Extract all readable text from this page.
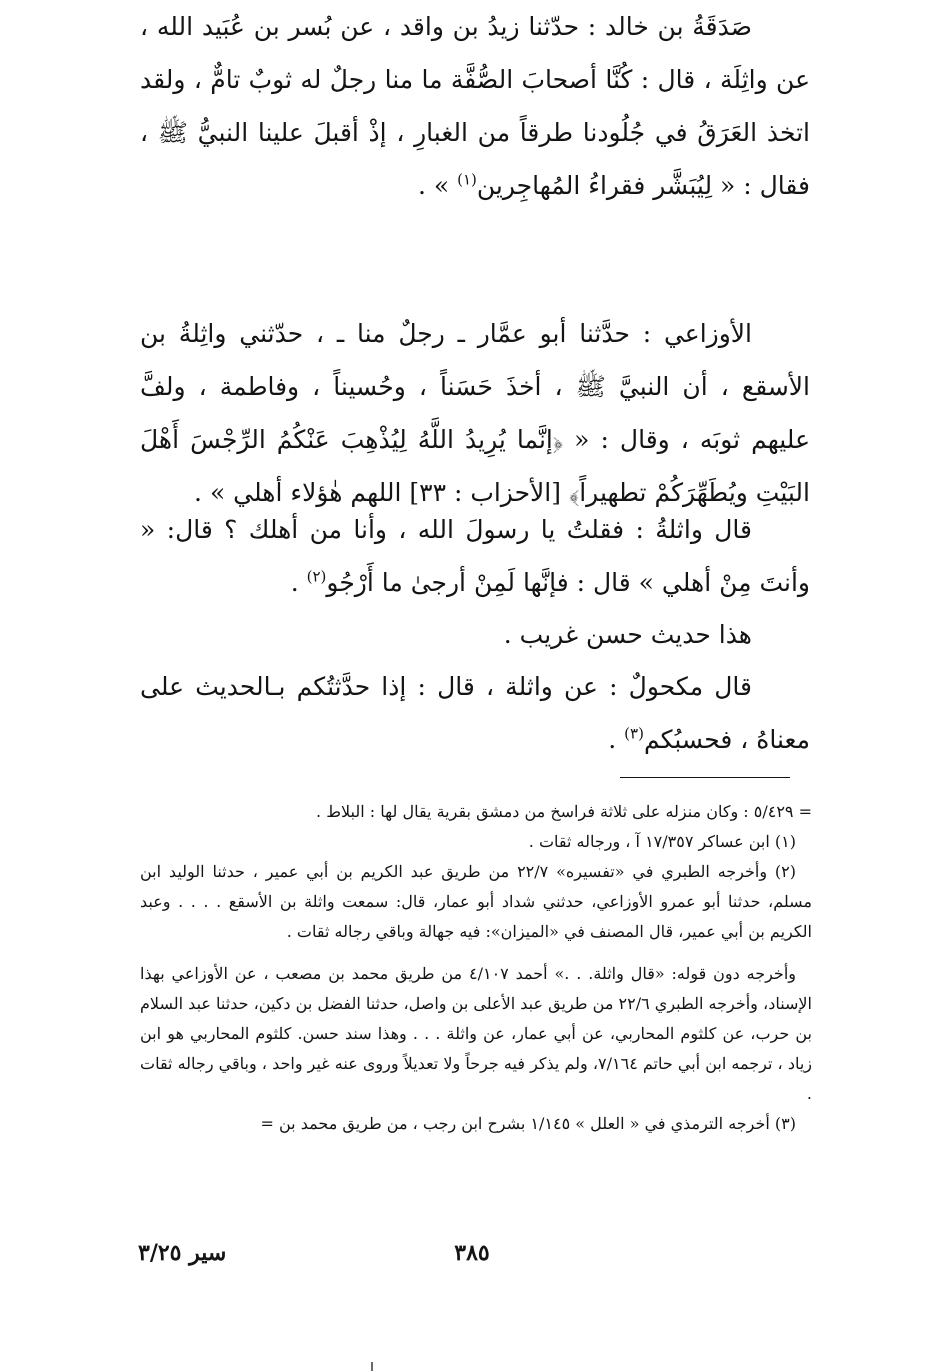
صَدَقَةُ بن خالد : حدّثنا زيدُ بن واقد ، عن بُسر بن عُبَيد الله ، عن واثِلَة ، قال : كُنَّا أصحابَ الصُّفَّة ما منا رجلٌ له ثوبٌ تامٌّ ، ولقد اتخذ العَرَقُ في جُلُودنا طرقاً من الغبارِ ، إذْ أقبلَ علينا النبيُّ ﷺ ، فقال : « لِيُبَشَّر فقراءُ المُهاجِرين$^{(١)}$ » .

الأوزاعي : حدَّثنا أبو عمَّار ـ رجلٌ منا ـ ، حدّثني واثِلةُ بن الأسقع ، أن النبيَّ ﷺ ، أخذَ حَسَناً ، وحُسيناً ، وفاطمة ، ولفَّ عليهم ثوبَه ، وقال : « ﴿إنَّما يُرِيدُ اللَّهُ لِيُذْهِبَ عَنْكُمُ الرِّجْسَ أَهْلَ البَيْتِ ويُطَهِّرَكُمْ تطهيراً﴾ [الأحزاب : ٣٣] اللهم هٰؤلاء أهلي » .

قال واثلةُ : فقلتُ يا رسولَ الله ، وأنا من أهلك ؟ قال: « وأنتَ مِنْ أهلي » قال : فإنَّها لَمِنْ أرجىٰ ما أَرْجُو$^{(٢)}$ .

هذا حديث حسن غريب .

قال مكحولٌ : عن واثلة ، قال : إذا حدَّثتُكم بـالحديث على معناهُ ، فحسبُكم$^{(٣)}$ .

= ٥/٤٢٩ : وكان منزله على ثلاثة فراسخ من دمشق بقرية يقال لها : البلاط .

(١) ابن عساكر ١٧/٣٥٧ آ ، ورجاله ثقات .

(٢) وأخرجه الطبري في «تفسيره» ٢٢/٧ من طريق عبد الكريم بن أبي عمير ، حدثنا الوليد ابن مسلم، حدثنا أبو عمرو الأوزاعي، حدثني شداد أبو عمار، قال: سمعت واثلة بن الأسقع . . . . وعبد الكريم بن أبي عمير، قال المصنف في «الميزان»: فيه جهالة وباقي رجاله ثقات .

وأخرجه دون قوله: «قال واثلة. . .» أحمد ٤/١٠٧ من طريق محمد بن مصعب ، عن الأوزاعي بهذا الإسناد، وأخرجه الطبري ٢٢/٦ من طريق عبد الأعلى بن واصل، حدثنا الفضل بن دكين، حدثنا عبد السلام بن حرب، عن كلثوم المحاربي، عن أبي عمار، عن واثلة . . . وهذا سند حسن. كلثوم المحاربي هو ابن زياد ، ترجمه ابن أبي حاتم ٧/١٦٤، ولم يذكر فيه جرحاً ولا تعديلاً وروى عنه غير واحد ، وباقي رجاله ثقات .

(٣) أخرجه الترمذي في « العلل » ١/١٤٥ بشرح ابن رجب ، من طريق محمد بن =

٣٨٥
سير ٣/٢٥
